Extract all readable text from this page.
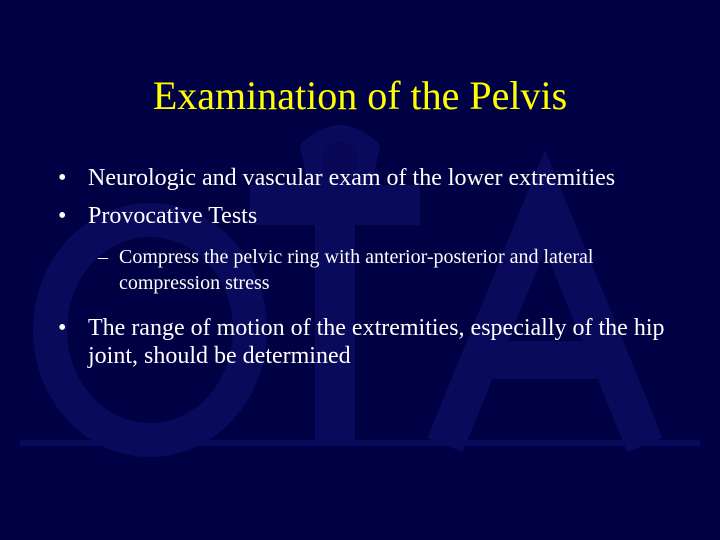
Examination of the Pelvis
• Neurologic and vascular exam of the lower extremities
• Provocative Tests
– Compress the pelvic ring with anterior-posterior and lateral compression stress
• The range of motion of the extremities, especially of the hip joint, should be determined
